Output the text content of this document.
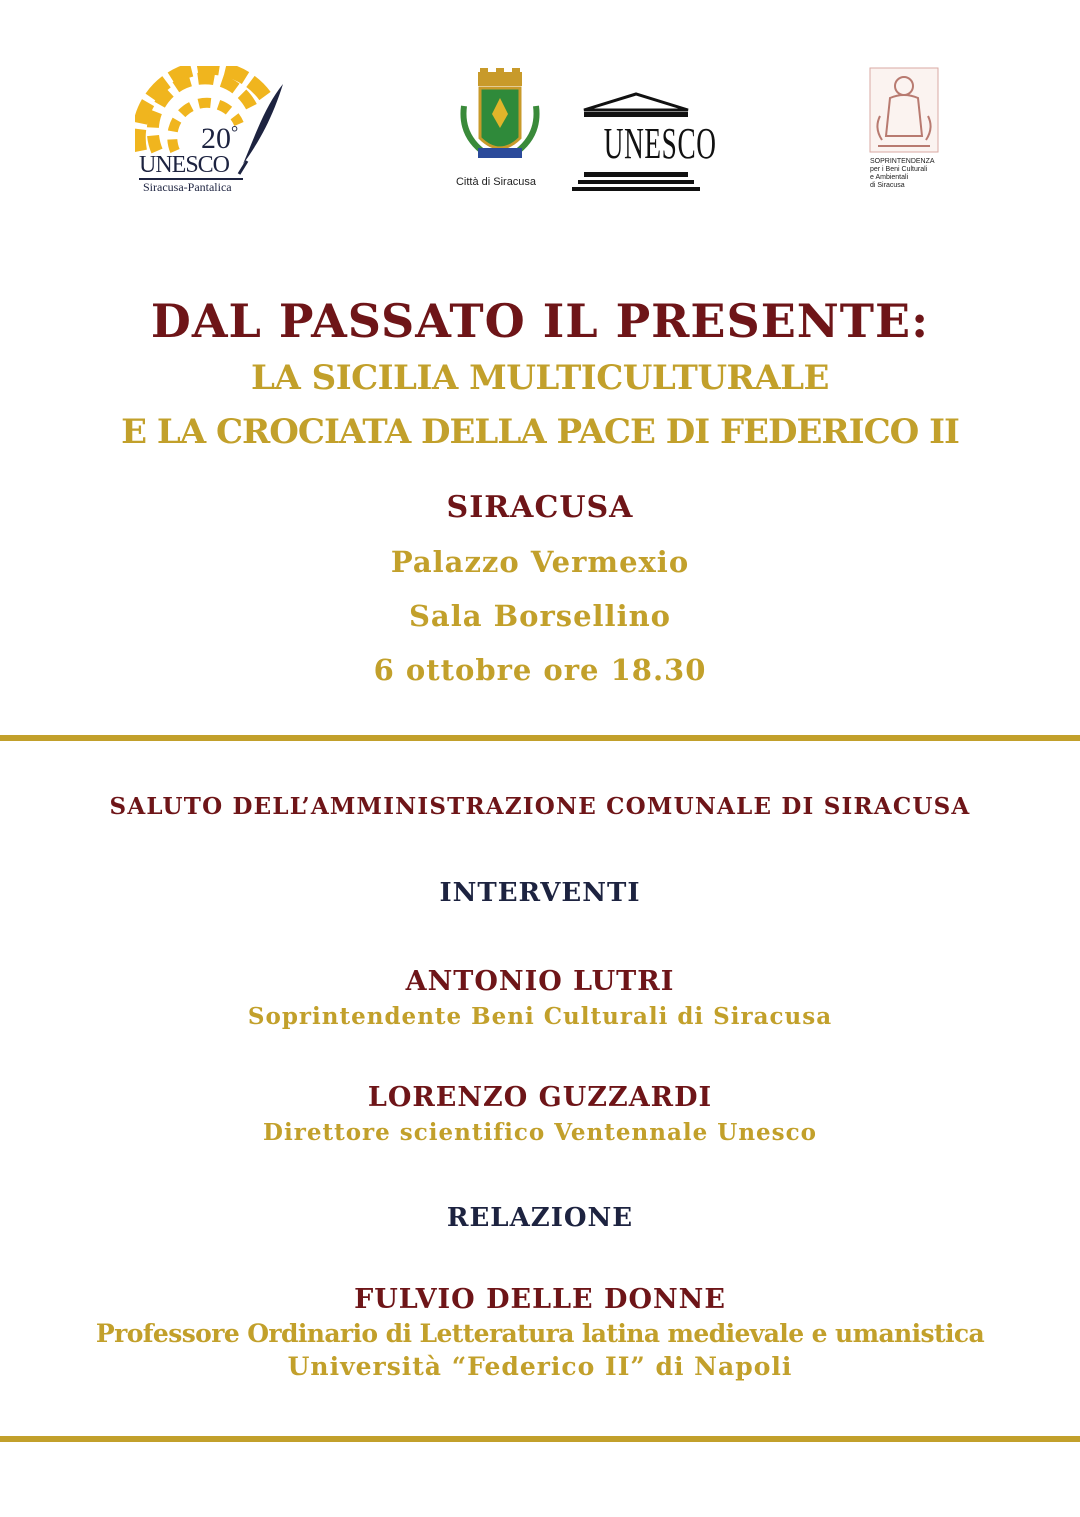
20°
UNESCO
Siracusa-Pantalica	Città di Siracusa
UNESCO	SOPRINTENDENZA
per i Beni Culturali
e Ambientali
di Siracusa
DAL PASSATO IL PRESENTE:
LA SICILIA MULTICULTURALE
E LA CROCIATA DELLA PACE DI FEDERICO II
SIRACUSA
Palazzo Vermexio
Sala Borsellino
6 ottobre ore 18.30
SALUTO DELL’AMMINISTRAZIONE COMUNALE DI SIRACUSA
INTERVENTI
ANTONIO LUTRI
Soprintendente Beni Culturali di Siracusa
LORENZO GUZZARDI
Direttore scientifico Ventennale Unesco
RELAZIONE
FULVIO DELLE DONNE
Professore Ordinario di Letteratura latina medievale e umanistica
Università “Federico II” di Napoli
